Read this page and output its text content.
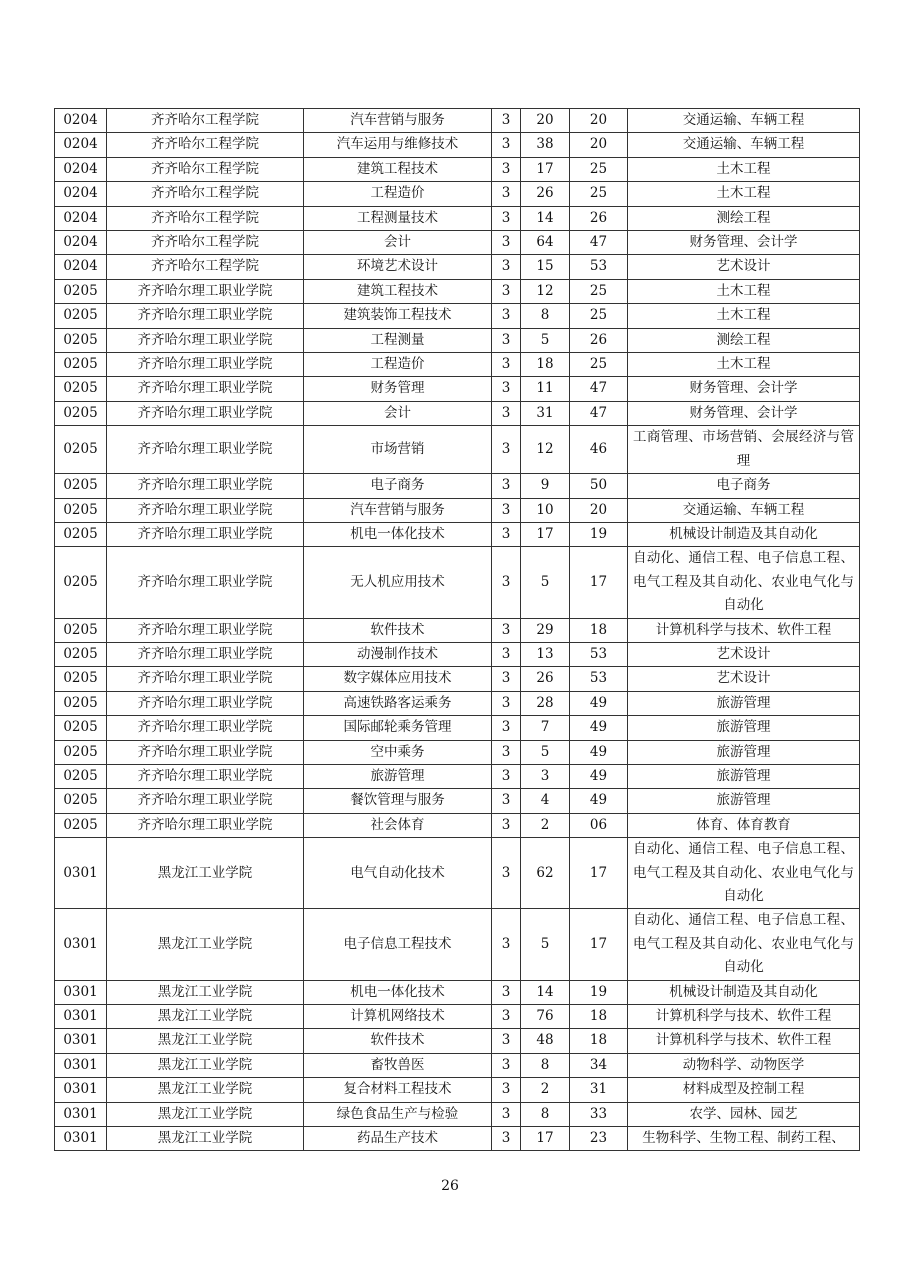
0204	齐齐哈尔工程学院	汽车营销与服务	3	20	20	交通运输、车辆工程
0204	齐齐哈尔工程学院	汽车运用与维修技术	3	38	20	交通运输、车辆工程
0204	齐齐哈尔工程学院	建筑工程技术	3	17	25	土木工程
0204	齐齐哈尔工程学院	工程造价	3	26	25	土木工程
0204	齐齐哈尔工程学院	工程测量技术	3	14	26	测绘工程
0204	齐齐哈尔工程学院	会计	3	64	47	财务管理、会计学
0204	齐齐哈尔工程学院	环境艺术设计	3	15	53	艺术设计
0205	齐齐哈尔理工职业学院	建筑工程技术	3	12	25	土木工程
0205	齐齐哈尔理工职业学院	建筑装饰工程技术	3	8	25	土木工程
0205	齐齐哈尔理工职业学院	工程测量	3	5	26	测绘工程
0205	齐齐哈尔理工职业学院	工程造价	3	18	25	土木工程
0205	齐齐哈尔理工职业学院	财务管理	3	11	47	财务管理、会计学
0205	齐齐哈尔理工职业学院	会计	3	31	47	财务管理、会计学
0205	齐齐哈尔理工职业学院	市场营销	3	12	46	工商管理、市场营销、会展经济与管理
0205	齐齐哈尔理工职业学院	电子商务	3	9	50	电子商务
0205	齐齐哈尔理工职业学院	汽车营销与服务	3	10	20	交通运输、车辆工程
0205	齐齐哈尔理工职业学院	机电一体化技术	3	17	19	机械设计制造及其自动化
0205	齐齐哈尔理工职业学院	无人机应用技术	3	5	17	自动化、通信工程、电子信息工程、电气工程及其自动化、农业电气化与自动化
0205	齐齐哈尔理工职业学院	软件技术	3	29	18	计算机科学与技术、软件工程
0205	齐齐哈尔理工职业学院	动漫制作技术	3	13	53	艺术设计
0205	齐齐哈尔理工职业学院	数字媒体应用技术	3	26	53	艺术设计
0205	齐齐哈尔理工职业学院	高速铁路客运乘务	3	28	49	旅游管理
0205	齐齐哈尔理工职业学院	国际邮轮乘务管理	3	7	49	旅游管理
0205	齐齐哈尔理工职业学院	空中乘务	3	5	49	旅游管理
0205	齐齐哈尔理工职业学院	旅游管理	3	3	49	旅游管理
0205	齐齐哈尔理工职业学院	餐饮管理与服务	3	4	49	旅游管理
0205	齐齐哈尔理工职业学院	社会体育	3	2	06	体育、体育教育
0301	黑龙江工业学院	电气自动化技术	3	62	17	自动化、通信工程、电子信息工程、电气工程及其自动化、农业电气化与自动化
0301	黑龙江工业学院	电子信息工程技术	3	5	17	自动化、通信工程、电子信息工程、电气工程及其自动化、农业电气化与自动化
0301	黑龙江工业学院	机电一体化技术	3	14	19	机械设计制造及其自动化
0301	黑龙江工业学院	计算机网络技术	3	76	18	计算机科学与技术、软件工程
0301	黑龙江工业学院	软件技术	3	48	18	计算机科学与技术、软件工程
0301	黑龙江工业学院	畜牧兽医	3	8	34	动物科学、动物医学
0301	黑龙江工业学院	复合材料工程技术	3	2	31	材料成型及控制工程
0301	黑龙江工业学院	绿色食品生产与检验	3	8	33	农学、园林、园艺
0301	黑龙江工业学院	药品生产技术	3	17	23	生物科学、生物工程、制药工程、
26
